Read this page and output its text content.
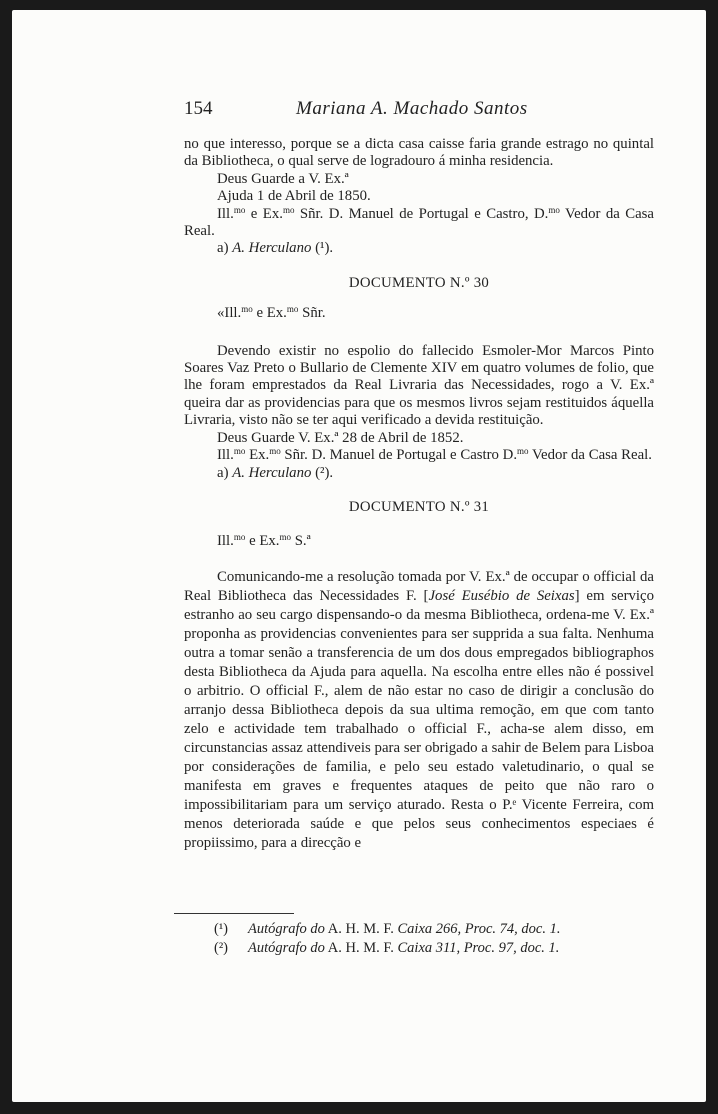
154	Mariana A. Machado Santos

no que interesso, porque se a dicta casa caisse faria grande estrago no quintal da Bibliotheca, o qual serve de logradouro á minha residencia.

Deus Guarde a V. Ex.ª

Ajuda 1 de Abril de 1850.

Ill.$^{mo}$ e Ex.$^{mo}$ Sñr. D. Manuel de Portugal e Castro, D.$^{mo}$ Vedor da Casa Real.

a) A. Herculano (¹).

DOCUMENTO N.º 30

«Ill.$^{mo}$ e Ex.$^{mo}$ Sñr.

Devendo existir no espolio do fallecido Esmoler-Mor Marcos Pinto Soares Vaz Preto o Bullario de Clemente XIV em quatro volumes de folio, que lhe foram emprestados da Real Livraria das Necessidades, rogo a V. Ex.ª queira dar as providencias para que os mesmos livros sejam restituidos áquella Livraria, visto não se ter aqui verificado a devida restituição.

Deus Guarde V. Ex.ª 28 de Abril de 1852.

Ill.$^{mo}$ Ex.$^{mo}$ Sñr. D. Manuel de Portugal e Castro D.$^{mo}$ Vedor da Casa Real.

a) A. Herculano (²).

DOCUMENTO N.º 31

Ill.$^{mo}$ e Ex.$^{mo}$ S.ª

Comunicando-me a resolução tomada por V. Ex.ª de occupar o official da Real Bibliotheca das Necessidades F. [José Eusébio de Seixas] em serviço estranho ao seu cargo dispensando-o da mesma Bibliotheca, ordena-me V. Ex.ª proponha as providencias convenientes para ser supprida a sua falta. Nenhuma outra a tomar senão a transferencia de um dos dous empregados bibliographos desta Bibliotheca da Ajuda para aquella. Na escolha entre elles não é possivel o arbitrio. O official F., alem de não estar no caso de dirigir a conclusão do arranjo dessa Bibliotheca depois da sua ultima remoção, em que com tanto zelo e actividade tem trabalhado o official F., acha-se alem disso, em circunstancias assaz attendiveis para ser obrigado a sahir de Belem para Lisboa por considerações de familia, e pelo seu estado valetudinario, o qual se manifesta em graves e frequentes ataques de peito que não raro o impossibilitariam para um serviço aturado. Resta o P.ᵉ Vicente Ferreira, com menos deteriorada saúde e que pelos seus conhecimentos especiaes é propiissimo, para a direcção e

(¹) Autógrafo do A. H. M. F. Caixa 266, Proc. 74, doc. 1.

(²) Autógrafo do A. H. M. F. Caixa 311, Proc. 97, doc. 1.
